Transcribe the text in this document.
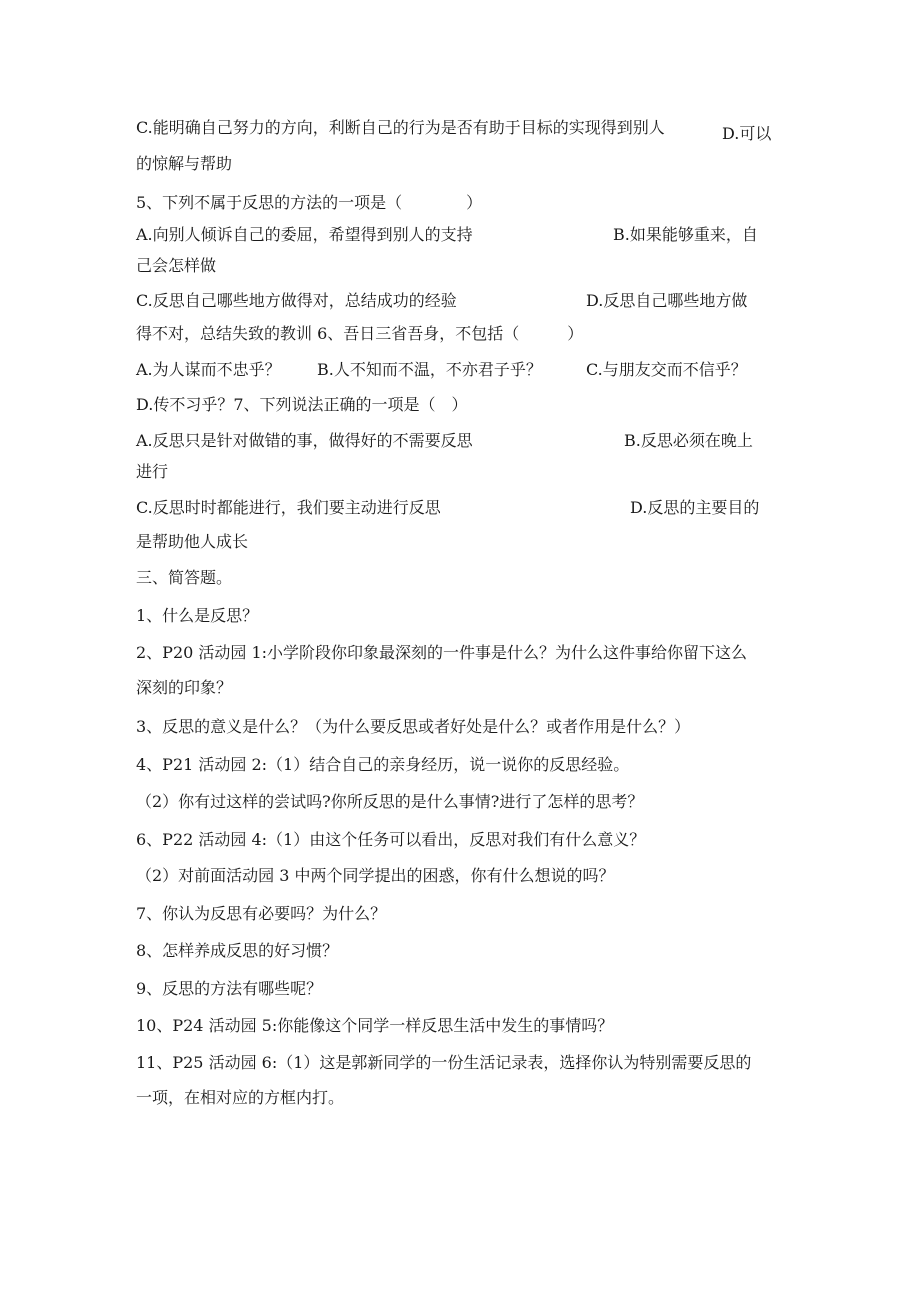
C.能明确自己努力的方向，利断自己的行为是否有助于目标的实现得到别人	D.可以
的惊解与帮助
5、下列不属于反思的方法的一项是（　　　　）
A.向别人倾诉自己的委屈，希望得到别人的支持	B.如果能够重来，自
己会怎样做
C.反思自己哪些地方做得对，总结成功的经验	D.反思自己哪些地方做
得不对，总结失致的教训 6、吾日三省吾身，不包括（　　　）
A.为人谋而不忠乎？ B.人不知而不温，不亦君子乎？	C.与朋友交而不信乎？
D.传不习乎？7、下列说法正确的一项是（　）
A.反思只是针对做错的事，做得好的不需要反思	B.反思必须在晚上
进行
C.反思时时都能进行，我们要主动进行反思	D.反思的主要目的
是帮助他人成长
三、简答题。
1、什么是反思？
2、P20 活动园 1:小学阶段你印象最深刻的一件事是什么？为什么这件事给你留下这么
深刻的印象？
3、反思的意义是什么？（为什么要反思或者好处是什么？或者作用是什么？）
4、P21 活动园 2:（1）结合自己的亲身经历，说一说你的反思经验。
（2）你有过这样的尝试吗?你所反思的是什么事情?进行了怎样的思考？
6、P22 活动园 4:（1）由这个任务可以看出，反思对我们有什么意义？
（2）对前面活动园 3 中两个同学提出的困惑，你有什么想说的吗？
7、你认为反思有必要吗？为什么？
8、怎样养成反思的好习惯？
9、反思的方法有哪些呢？
10、P24 活动园 5:你能像这个同学一样反思生活中发生的事情吗？
11、P25 活动园 6:（1）这是郭新同学的一份生活记录表，选择你认为特别需要反思的
一项，在相对应的方框内打。
